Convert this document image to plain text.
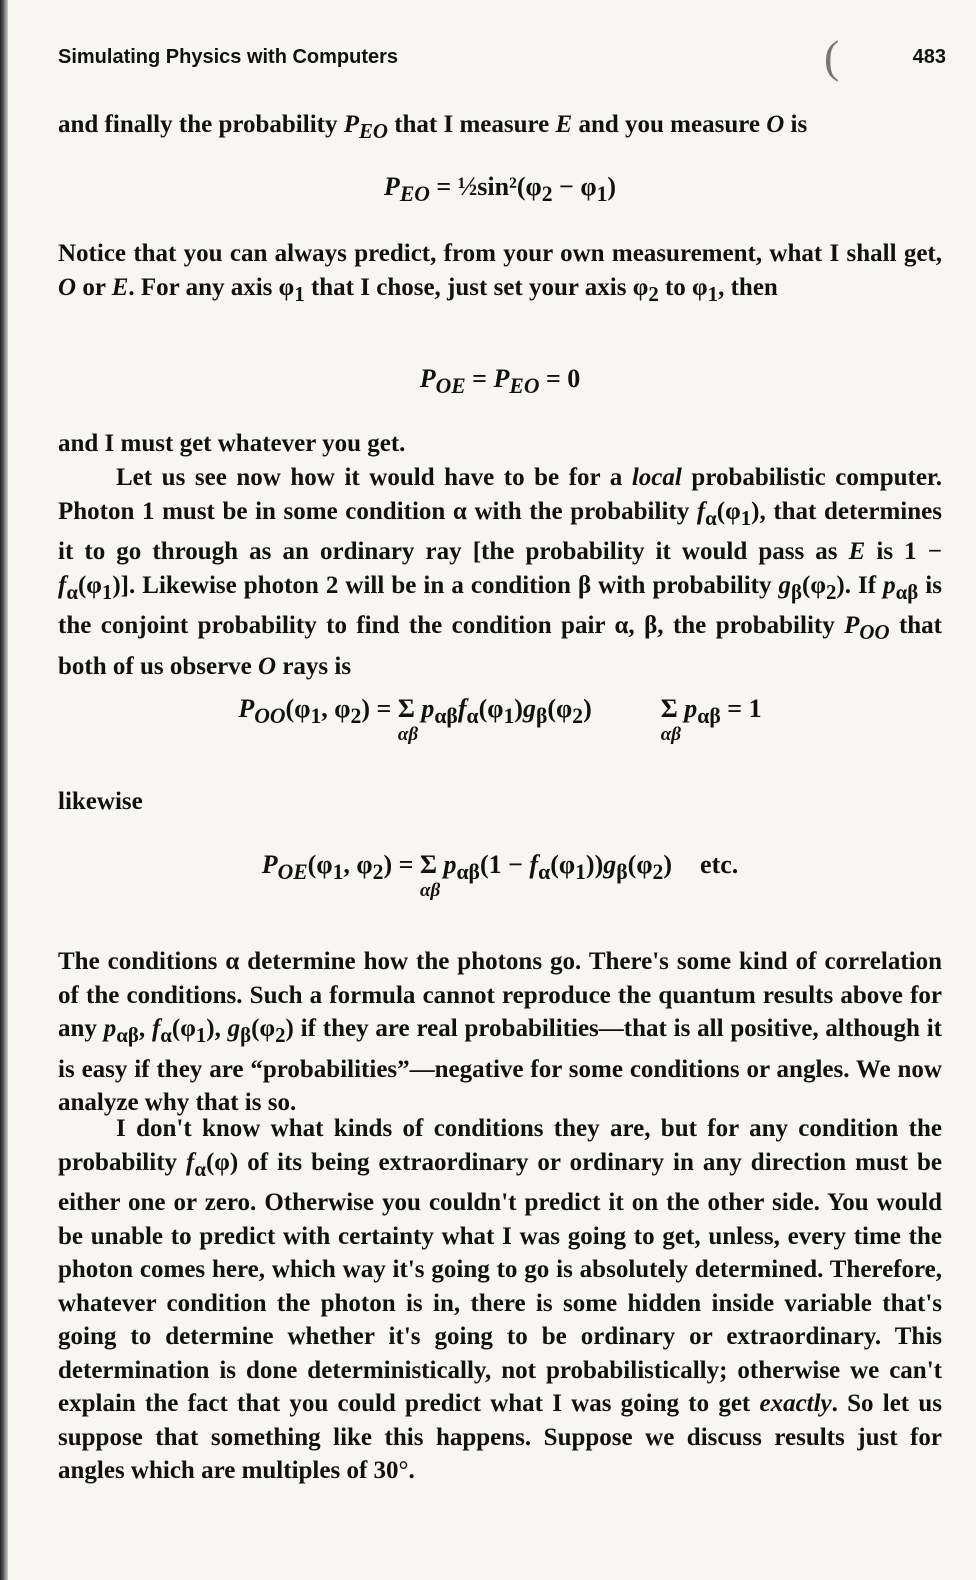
Simulating Physics with Computers	(	483
and finally the probability $P_{EO}$ that I measure E and you measure O is
$P_{EO}$ = $\frac{1}{2}\sin^2(\varphi_2 - \varphi_1)$
Notice that you can always predict, from your own measurement, what I shall get, O or E. For any axis $\varphi_1$ that I chose, just set your axis $\varphi_2$ to $\varphi_1$, then
$P_{OE} = P_{EO} = 0$
and I must get whatever you get.
Let us see now how it would have to be for a local probabilistic computer. Photon 1 must be in some condition α with the probability $f_\alpha(\varphi_1)$, that determines it to go through as an ordinary ray [the probability it would pass as E is $1 - f_\alpha(\varphi_1)$]. Likewise photon 2 will be in a condition β with probability $g_\beta(\varphi_2)$. If $p_{\alpha\beta}$ is the conjoint probability to find the condition pair α, β, the probability $P_{OO}$ that both of us observe O rays is
$P_{OO}(\varphi_1$, $\varphi_2) = \Sigma$
αβ
$p_{\alpha\beta}f_\alpha(\varphi_1)g_\beta(\varphi_2)$  Σ
αβ
$p_{\alpha\beta} = 1$
likewise
$P_{OE}(\varphi_1$, $\varphi_2) = \Sigma$
αβ
$p_{\alpha\beta}(1 - f_\alpha(\varphi_1))g_\beta(\varphi_2)$ etc.
The conditions α determine how the photons go. There's some kind of correlation of the conditions. Such a formula cannot reproduce the quantum results above for any $p_{\alpha\beta}$, $f_\alpha(\varphi_1)$, $g_\beta(\varphi_2)$ if they are real probabilities—that is all positive, although it is easy if they are “probabilities”—negative for some conditions or angles. We now analyze why that is so.
I don't know what kinds of conditions they are, but for any condition the probability $f_\alpha(\varphi)$ of its being extraordinary or ordinary in any direction must be either one or zero. Otherwise you couldn't predict it on the other side. You would be unable to predict with certainty what I was going to get, unless, every time the photon comes here, which way it's going to go is absolutely determined. Therefore, whatever condition the photon is in, there is some hidden inside variable that's going to determine whether it's going to be ordinary or extraordinary. This determination is done deterministically, not probabilistically; otherwise we can't explain the fact that you could predict what I was going to get exactly. So let us suppose that something like this happens. Suppose we discuss results just for angles which are multiples of 30°.
